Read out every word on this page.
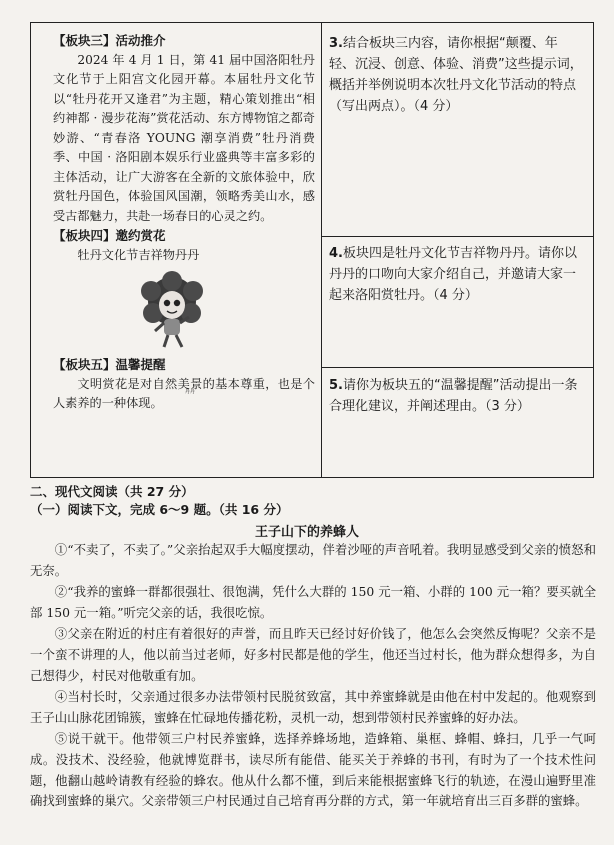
【板块三】活动推介

2024 年 4 月 1 日，第 41 届中国洛阳牡丹文化节于上阳宫文化园开幕。本届牡丹文化节以“牡丹花开又逢君”为主题，精心策划推出“相约神都 · 漫步花海”赏花活动、东方博物馆之都奇妙游、“青春洛 YOUNG 潮享消费”牡丹消费季、中国 · 洛阳剧本娱乐行业盛典等丰富多彩的主体活动，让广大游客在全新的文旅体验中，欣赏牡丹国色，体验国风国潮，领略秀美山水，感受古都魅力，共赴一场春日的心灵之约。

【板块四】邀约赏花

牡丹文化节吉祥物丹丹

丹丹
【板块五】温馨提醒

文明赏花是对自然美景的基本尊重，也是个人素养的一种体现。

3.结合板块三内容，请你根据“颠覆、年轻、沉浸、创意、体验、消费”这些提示词，概括并举例说明本次牡丹文化节活动的特点（写出两点）。（4 分）
4.板块四是牡丹文化节吉祥物丹丹。请你以丹丹的口吻向大家介绍自己，并邀请大家一起来洛阳赏牡丹。（4 分）
5.请你为板块五的“温馨提醒”活动提出一条合理化建议，并阐述理由。（3 分）
二、现代文阅读（共 27 分）
（一）阅读下文，完成 6～9 题。（共 16 分）
王子山下的养蜂人

①“不卖了，不卖了。”父亲抬起双手大幅度摆动，伴着沙哑的声音吼着。我明显感受到父亲的愤怒和无奈。

②“我养的蜜蜂一群都很强壮、很饱满，凭什么大群的 150 元一箱、小群的 100 元一箱？要买就全部 150 元一箱。”听完父亲的话，我很吃惊。

③父亲在附近的村庄有着很好的声誉，而且昨天已经讨好价钱了，他怎么会突然反悔呢？父亲不是一个蛮不讲理的人，他以前当过老师，好多村民都是他的学生，他还当过村长，他为群众想得多，为自己想得少，村民对他敬重有加。

④当村长时，父亲通过很多办法带领村民脱贫致富，其中养蜜蜂就是由他在村中发起的。他观察到王子山山脉花团锦簇，蜜蜂在忙碌地传播花粉，灵机一动，想到带领村民养蜜蜂的好办法。

⑤说干就干。他带领三户村民养蜜蜂，选择养蜂场地，造蜂箱、巢框、蜂帽、蜂扫，几乎一气呵成。没技术、没经验，他就博览群书，读尽所有能借、能买关于养蜂的书刊，有时为了一个技术性问题，他翻山越岭请教有经验的蜂农。他从什么都不懂，到后来能根据蜜蜂飞行的轨迹，在漫山遍野里准确找到蜜蜂的巢穴。父亲带领三户村民通过自己培育再分群的方式，第一年就培育出三百多群的蜜蜂。
